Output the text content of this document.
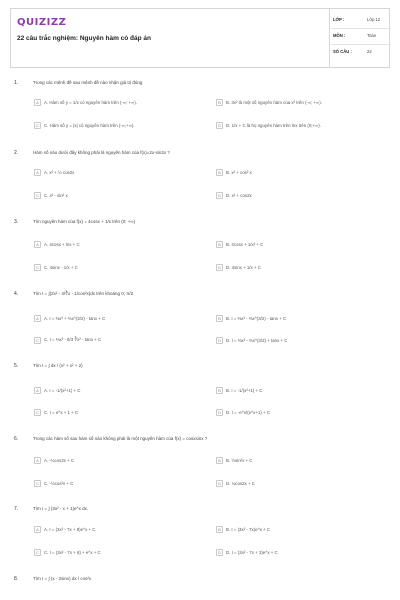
QUIZIZZ
22 câu trắc nghiệm: Nguyên hàm có đáp án
LỚP :	Lớp 12
MÔN :	Toán
SỐ CÂU :	22
1.	Trong các mệnh đề sau mệnh đề nào nhận giá trị đúng
A	A. Hàm số y = 1/x có nguyên hàm trên (-∞; +∞).	B	B. 3x² là một số nguyên hàm của x³ trên (-∞; +∞).
C	C. Hàm số y = |x| có nguyên hàm trên (-∞;+∞).	D	D. 1/x + C là họ nguyên hàm trên lnx trên (0;+∞).
2.	Hàm số nào dưới đây không phải là nguyên hàm của f(x)=2x-sin2x ?
A	A. x² + ½ cos2x	B	B. x² + cos² x
C	C. x² - sin² x	D	D. x² + cos2x
3.	Tìm nguyên hàm của f(x) = 4cosx + 1/x trên (0; +∞)
A	A. 4cosx + lnx + C	B	B. 4cosx + 1/x² + C
C	C. 4sinx - 1/x + C	D	D. 4sinx + 1/x + C
4.	Tìm I = ∫(2x² - 4/∛x - 1/cos²x)dx trên khoảng 0; π/2
A	A. I = ⅔x³ + ⅔x^(3/2) - tanx + C	B	B. I = ⅔x³ - ⅔x^(3/2) - tanx + C
C	C. I = ⅔x³ - 8/3 ∛x² - tanx + C	D	D. I = ⅔x³ - ⅔x^(3/2) + tanx + C
5.	Tìm I = ∫ dx / (x² + x² + 2)
A	A. I = -1/(x²+1) + C	B	B. I = -1/(x²+1) + C
C	C. I = e^x + 1 + C	D	D. I = -e^x/(e^x+1) + C
6.	Trong các hàm số sau hàm số nào không phải là một nguyên hàm của f(x) = cosxsinx ?
A	A. -¼cos2x + C	B	B. ½sin²x + C
C	C. -½cos²x + C	D	D. ¼cos2x + C
7.	Tìm I = ∫ (3x² - x + 1)e^x dx.
A	A. I = (3x² - 7x + 8)e^x + C	B	B. I = (3x² - 7x)e^x + C
C	C. I = (3x² - 7x + 8) + e^x + C	D	D. I = (3x² - 7x + 3)e^x + C
8.	Tìm I = ∫ (x - 2sinx) dx / cos²x
